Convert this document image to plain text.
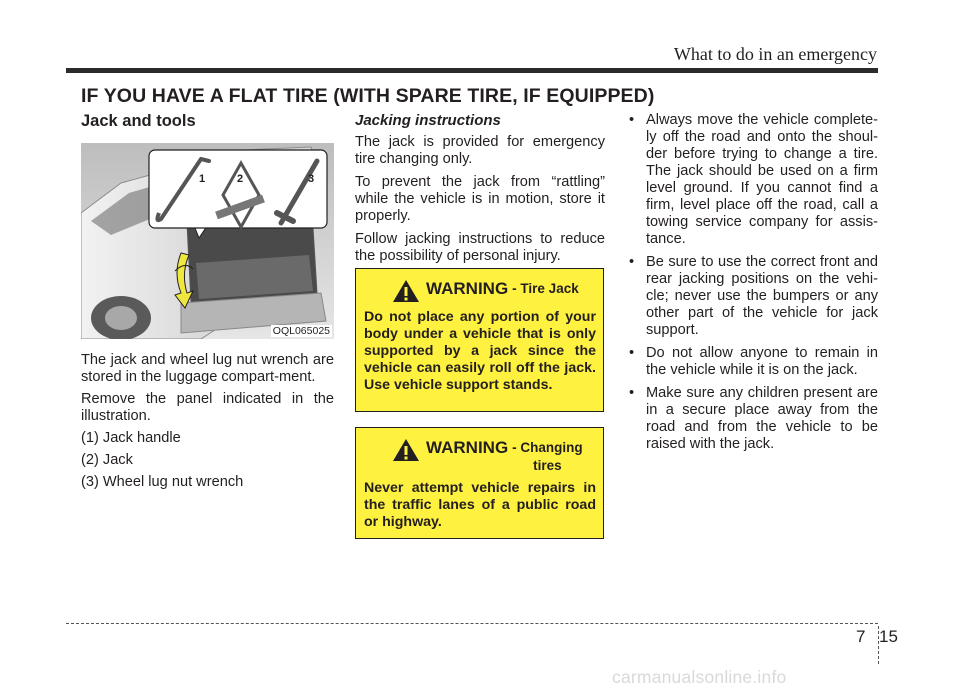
What to do in an emergency
IF YOU HAVE A FLAT TIRE (WITH SPARE TIRE, IF EQUIPPED)
Jack and tools
1	2	3
OQL065025

The jack and wheel lug nut wrench are stored in the luggage compart-ment.

Remove the panel indicated in the illustration.

(1) Jack handle

(2) Jack

(3) Wheel lug nut wrench

Jacking instructions

The jack is provided for emergency tire changing only.

To prevent the jack from “rattling” while the vehicle is in motion, store it properly.

Follow jacking instructions to reduce the possibility of personal injury.

WARNING - Tire Jack

Do not place any portion of your body under a vehicle that is only supported by a jack since the vehicle can easily roll off the jack. Use vehicle support stands.

WARNING - Changing
tires

Never attempt vehicle repairs in the traffic lanes of a public road or highway.

• Always move the vehicle complete-ly off the road and onto the shoul-der before trying to change a tire. The jack should be used on a firm level ground. If you cannot find a firm, level place off the road, call a towing service company for assis-tance.
• Be sure to use the correct front and rear jacking positions on the vehi-cle; never use the bumpers or any other part of the vehicle for jack support.
• Do not allow anyone to remain in the vehicle while it is on the jack.
• Make sure any children present are in a secure place away from the road and from the vehicle to be raised with the jack.
7 15
carmanualsonline.info
